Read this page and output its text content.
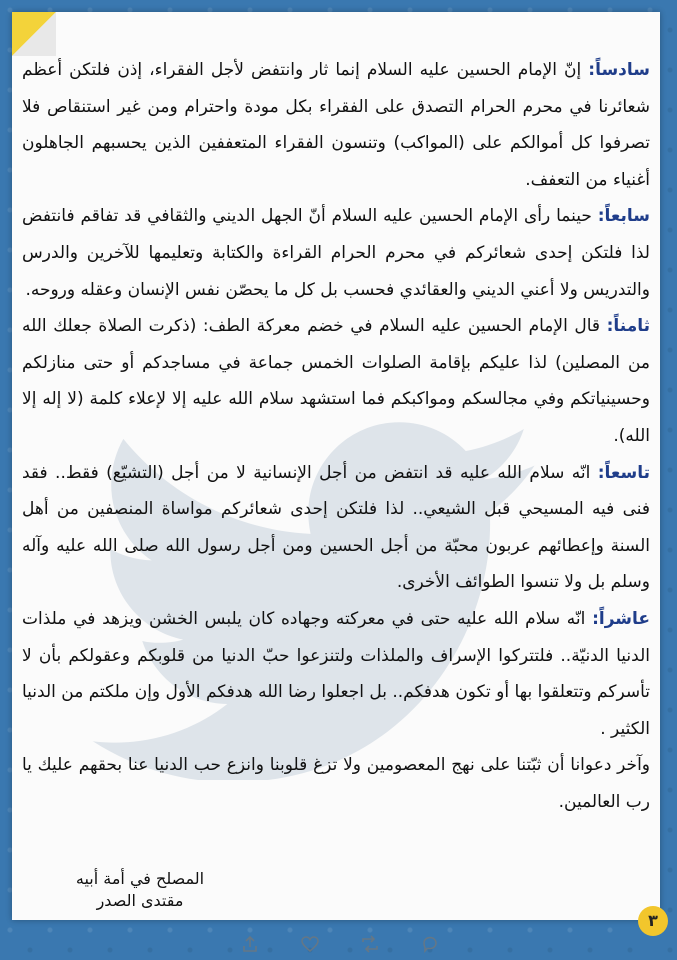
سادساً: إنّ الإمام الحسين عليه السلام إنما ثار وانتفض لأجل الفقراء، إذن فلتكن أعظم شعائرنا في محرم الحرام التصدق على الفقراء بكل مودة واحترام ومن غير استنقاص فلا تصرفوا كل أموالكم على (المواكب) وتنسون الفقراء المتعففين الذين يحسبهم الجاهلون أغنياء من التعفف.

سابعاً: حينما رأى الإمام الحسين عليه السلام أنّ الجهل الديني والثقافي قد تفاقم فانتفض لذا فلتكن إحدى شعائركم في محرم الحرام القراءة والكتابة وتعليمها للآخرين والدرس والتدريس ولا أعني الديني والعقائدي فحسب بل كل ما يحصّن نفس الإنسان وعقله وروحه.

ثامناً: قال الإمام الحسين عليه السلام في خضم معركة الطف: (ذكرت الصلاة جعلك الله من المصلين) لذا عليكم بإقامة الصلوات الخمس جماعة في مساجدكم أو حتى منازلكم وحسينياتكم وفي مجالسكم ومواكبكم فما استشهد سلام الله عليه إلا لإعلاء كلمة (لا إله إلا الله).

تاسعاً: انّه سلام الله عليه قد انتفض من أجل الإنسانية لا من أجل (التشيّع) فقط.. فقد فنى فيه المسيحي قبل الشيعي.. لذا فلتكن إحدى شعائركم مواساة المنصفين من أهل السنة وإعطائهم عربون محبّة من أجل الحسين ومن أجل رسول الله صلى الله عليه وآله وسلم بل ولا تنسوا الطوائف الأخرى.

عاشراً: انّه سلام الله عليه حتى في معركته وجهاده كان يلبس الخشن ويزهد في ملذات الدنيا الدنيّة.. فلتتركوا الإسراف والملذات ولتنزعوا حبّ الدنيا من قلوبكم وعقولكم بأن لا تأسركم وتتعلقوا بها أو تكون هدفكم.. بل اجعلوا رضا الله هدفكم الأول وإن ملكتم من الدنيا الكثير .

وآخر دعوانا أن ثبّتنا على نهج المعصومين ولا تزغ قلوبنا وانزع حب الدنيا عنا بحقهم عليك يا رب العالمين.

المصلح في أمة أبيه
مقتدى الصدر
٣
